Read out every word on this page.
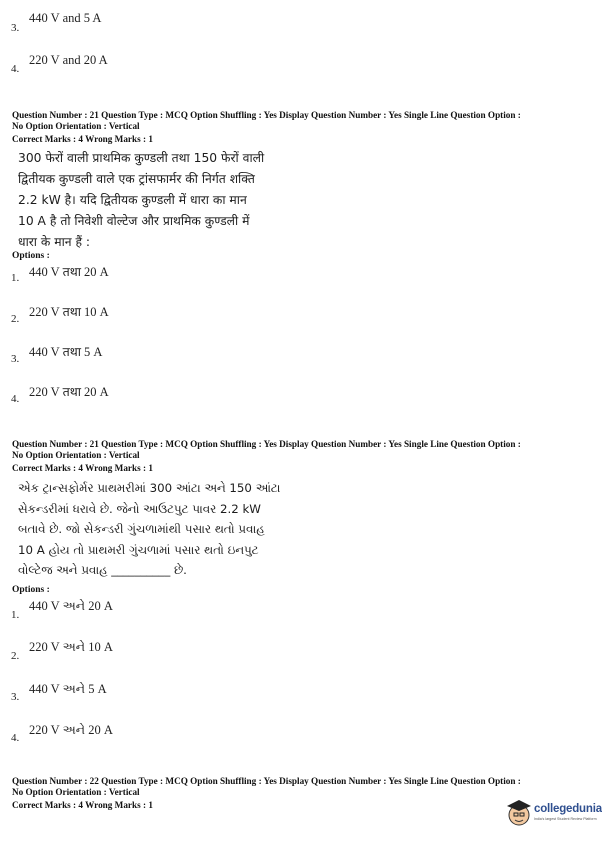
3.
440 V and 5 A
4.
220 V and 20 A
Question Number : 21 Question Type : MCQ Option Shuffling : Yes Display Question Number : Yes Single Line Question Option :
No Option Orientation : Vertical
Correct Marks : 4 Wrong Marks : 1
300 फेरों वाली प्राथमिक कुण्डली तथा 150 फेरों वाली
द्वितीयक कुण्डली वाले एक ट्रांसफार्मर की निर्गत शक्ति
2.2 kW है। यदि द्वितीयक कुण्डली में धारा का मान
10 A है तो निवेशी वोल्टेज और प्राथमिक कुण्डली में
धारा के मान हैं :
Options :
1. 440 V तथा 20 A
2. 220 V तथा 10 A
3. 440 V तथा 5 A
4. 220 V तथा 20 A
Question Number : 21 Question Type : MCQ Option Shuffling : Yes Display Question Number : Yes Single Line Question Option :
No Option Orientation : Vertical
Correct Marks : 4 Wrong Marks : 1
એક ટ્રાન્સફોર્મર પ્રાથમરીમાં 300 આંટા અને 150 આંટા
સેકન્ડરીમાં ધરાવે છે. જેનો આઉટપુટ પાવર 2.2 kW
બતાવે છે. જો સેકન્ડરી ગુંચળામાંથી પસાર થતો પ્રવાહ
10 A હોય તો પ્રાથમરી ગુંચળામાં પસાર થતો ઇનપુટ
વોલ્ટેજ અને પ્રવાહ __________ છે.
Options :
1.
440 V અને 20 A
2.
220 V અને 10 A
3.
440 V અને 5 A
4.
220 V અને 20 A
Question Number : 22 Question Type : MCQ Option Shuffling : Yes Display Question Number : Yes Single Line Question Option :
No Option Orientation : Vertical
Correct Marks : 4 Wrong Marks : 1	collegedunia
India's largest Student Review Platform
